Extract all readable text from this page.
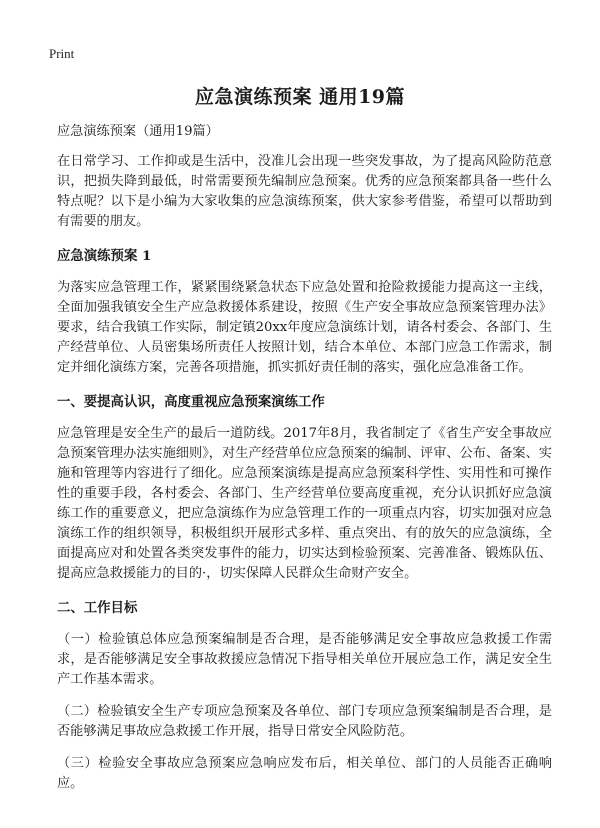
Print
应急演练预案 通用19篇

应急演练预案（通用19篇）

在日常学习、工作抑或是生活中，没准儿会出现一些突发事故，为了提高风险防范意识，把损失降到最低，时常需要预先编制应急预案。优秀的应急预案都具备一些什么特点呢？以下是小编为大家收集的应急演练预案，供大家参考借鉴，希望可以帮助到有需要的朋友。

应急演练预案 1

为落实应急管理工作，紧紧围绕紧急状态下应急处置和抢险救援能力提高这一主线，全面加强我镇安全生产应急救援体系建设，按照《生产安全事故应急预案管理办法》要求，结合我镇工作实际，制定镇20xx年度应急演练计划，请各村委会、各部门、生产经营单位、人员密集场所责任人按照计划，结合本单位、本部门应急工作需求，制定并细化演练方案，完善各项措施，抓实抓好责任制的落实，强化应急准备工作。

一、要提高认识，高度重视应急预案演练工作

应急管理是安全生产的最后一道防线。2017年8月，我省制定了《省生产安全事故应急预案管理办法实施细则》，对生产经营单位应急预案的编制、评审、公布、备案、实施和管理等内容进行了细化。应急预案演练是提高应急预案科学性、实用性和可操作性的重要手段，各村委会、各部门、生产经营单位要高度重视，充分认识抓好应急演练工作的重要意义，把应急演练作为应急管理工作的一项重点内容，切实加强对应急演练工作的组织领导，积极组织开展形式多样、重点突出、有的放矢的应急演练，全面提高应对和处置各类突发事件的能力，切实达到检验预案、完善准备、锻炼队伍、提高应急救援能力的目的·，切实保障人民群众生命财产安全。

二、工作目标

（一）检验镇总体应急预案编制是否合理，是否能够满足安全事故应急救援工作需求，是否能够满足安全事故救援应急情况下指导相关单位开展应急工作，满足安全生产工作基本需求。

（二）检验镇安全生产专项应急预案及各单位、部门专项应急预案编制是否合理，是否能够满足事故应急救援工作开展，指导日常安全风险防范。

（三）检验安全事故应急预案应急响应发布后，相关单位、部门的人员能否正确响应。
